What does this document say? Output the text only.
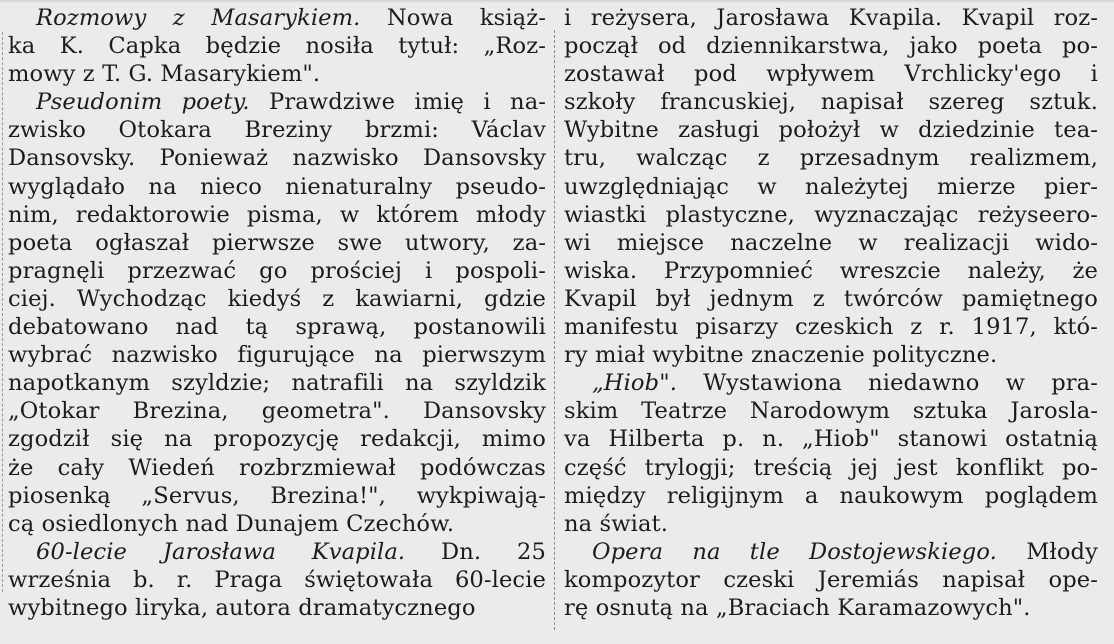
Rozmowy z Masarykiem. Nowa książ-
ka K. Capka będzie nosiła tytuł: „Roz-
mowy z T. G. Masarykiem".
Pseudonim poety. Prawdziwe imię i na-
zwisko Otokara Breziny brzmi: Václav
Dansovsky. Ponieważ nazwisko Dansovsky
wyglądało na nieco nienaturalny pseudo-
nim, redaktorowie pisma, w którem młody
poeta ogłaszał pierwsze swe utwory, za-
pragnęli przezwać go prościej i pospoli-
ciej. Wychodząc kiedyś z kawiarni, gdzie
debatowano nad tą sprawą, postanowili
wybrać nazwisko figurujące na pierwszym
napotkanym szyldzie; natrafili na szyldzik
„Otokar Brezina, geometra". Dansovsky
zgodził się na propozycję redakcji, mimo
że cały Wiedeń rozbrzmiewał podówczas
piosenką „Servus, Brezina!", wykpiwają-
cą osiedlonych nad Dunajem Czechów.
60-lecie Jarosława Kvapila. Dn. 25
września b. r. Praga świętowała 60-lecie
wybitnego liryka, autora dramatycznego
i reżysera, Jarosława Kvapila. Kvapil roz-
począł od dziennikarstwa, jako poeta po-
zostawał pod wpływem Vrchlicky'ego i
szkoły francuskiej, napisał szereg sztuk.
Wybitne zasługi położył w dziedzinie tea-
tru, walcząc z przesadnym realizmem,
uwzględniając w należytej mierze pier-
wiastki plastyczne, wyznaczając reżyseero-
wi miejsce naczelne w realizacji wido-
wiska. Przypomnieć wreszcie należy, że
Kvapil był jednym z twórców pamiętnego
manifestu pisarzy czeskich z r. 1917, któ-
ry miał wybitne znaczenie polityczne.
„Hiob". Wystawiona niedawno w pra-
skim Teatrze Narodowym sztuka Jarosla-
va Hilberta p. n. „Hiob" stanowi ostatnią
część trylogji; treścią jej jest konflikt po-
między religijnym a naukowym poglądem
na świat.
Opera na tle Dostojewskiego. Młody
kompozytor czeski Jeremiás napisał ope-
rę osnutą na „Braciach Karamazowych".
